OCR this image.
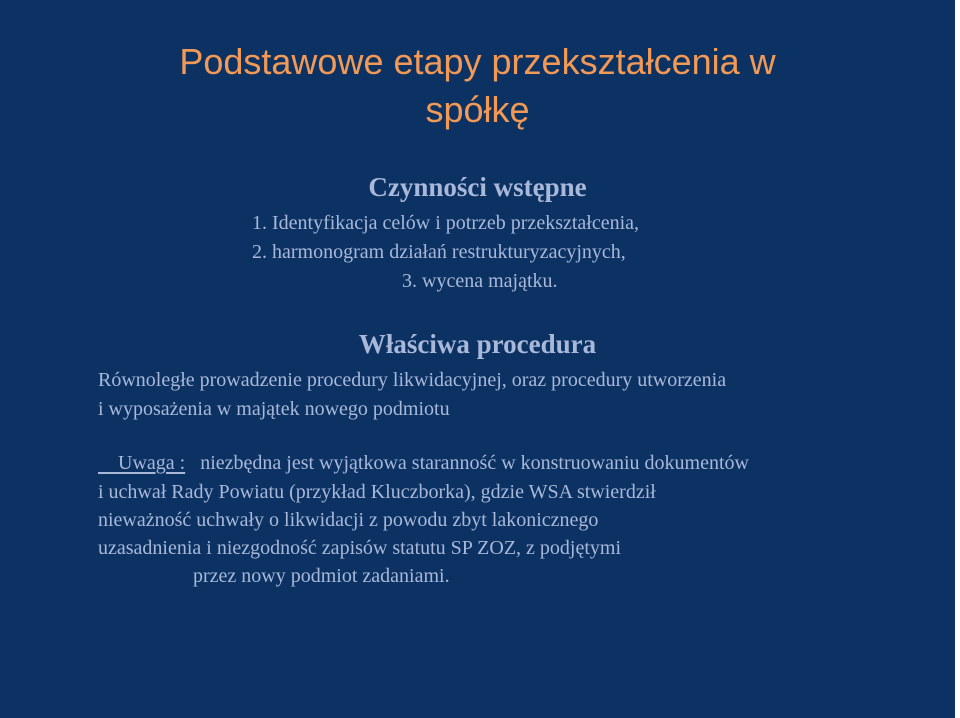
Podstawowe etapy przekształcenia w
spółkę
Czynności wstępne
1. Identyfikacja celów i potrzeb przekształcenia,
2. harmonogram działań restrukturyzacyjnych,
3. wycena majątku.
Właściwa procedura
Równoległe prowadzenie procedury likwidacyjnej, oraz procedury utworzenia
i wyposażenia w majątek nowego podmiotu
Uwaga : niezbędna jest wyjątkowa staranność w konstruowaniu dokumentów
i uchwał Rady Powiatu (przykład Kluczborka), gdzie WSA stwierdził
nieważność uchwały o likwidacji z powodu zbyt lakonicznego
uzasadnienia i niezgodność zapisów statutu SP ZOZ, z podjętymi
przez nowy podmiot zadaniami.
